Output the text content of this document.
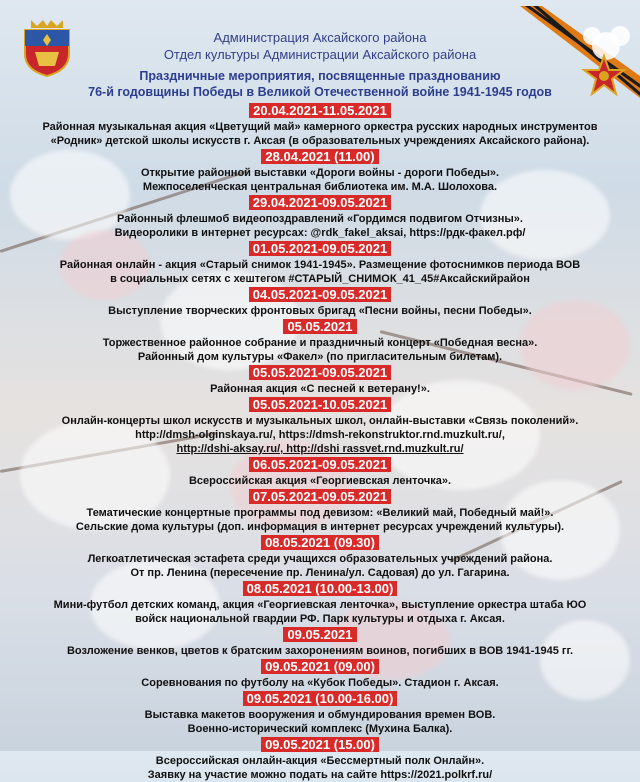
Администрация Аксайского района
Отдел культуры Администрации Аксайского района
Праздничные мероприятия, посвященные празднованию
76-й годовщины Победы в Великой Отечественной войне 1941-1945 годов
20.04.2021-11.05.2021
Районная музыкальная акция «Цветущий май» камерного оркестра русских народных инструментов
«Родник» детской школы искусств г. Аксая (в образовательных учреждениях Аксайского района).
28.04.2021 (11.00)
Открытие районной выставки «Дороги войны - дороги Победы».
Межпоселенческая центральная библиотека им. М.А. Шолохова.
29.04.2021-09.05.2021
Районный флешмоб видеопоздравлений «Гордимся подвигом Отчизны».
Видеоролики в интернет ресурсах: @rdk_fakel_aksai, https://рдк-факел.рф/
01.05.2021-09.05.2021
Районная онлайн - акция «Старый снимок 1941-1945». Размещение фотоснимков периода ВОВ
в социальных сетях с хештегом #СТАРЫЙ_СНИМОК_41_45#Аксайскийрайон
04.05.2021-09.05.2021
Выступление творческих фронтовых бригад «Песни войны, песни Победы».
05.05.2021
Торжественное районное собрание и праздничный концерт «Победная весна».
Районный дом культуры «Факел» (по пригласительным билетам).
05.05.2021-09.05.2021
Районная акция «С песней к ветерану!».
05.05.2021-10.05.2021
Онлайн-концерты школ искусств и музыкальных школ, онлайн-выставки «Связь поколений».
http://dmsh-olginskaya.ru/, https://dmsh-rekonstruktor.rnd.muzkult.ru/,
http://dshi-aksay.ru/, http://dshi rassvet.rnd.muzkult.ru/
06.05.2021-09.05.2021
Всероссийская акция «Георгиевская ленточка».
07.05.2021-09.05.2021
Тематические концертные программы под девизом: «Великий май, Победный май!».
Сельские дома культуры (доп. информация в интернет ресурсах учреждений культуры).
08.05.2021 (09.30)
Легкоатлетическая эстафета среди учащихся образовательных учреждений района.
От пр. Ленина (пересечение пр. Ленина/ул. Садовая) до ул. Гагарина.
08.05.2021 (10.00-13.00)
Мини-футбол детских команд, акция «Георгиевская ленточка», выступление оркестра штаба ЮО
войск национальной гвардии РФ. Парк культуры и отдыха г. Аксая.
09.05.2021
Возложение венков, цветов к братским захоронениям воинов, погибших в ВОВ 1941-1945 гг.
09.05.2021 (09.00)
Соревнования по футболу на «Кубок Победы». Стадион г. Аксая.
09.05.2021 (10.00-16.00)
Выставка макетов вооружения и обмундирования времен ВОВ.
Военно-исторический комплекс (Мухина Балка).
09.05.2021 (15.00)
Всероссийская онлайн-акция «Бессмертный полк Онлайн».
Заявку на участие можно подать на сайте https://2021.polkrf.ru/
